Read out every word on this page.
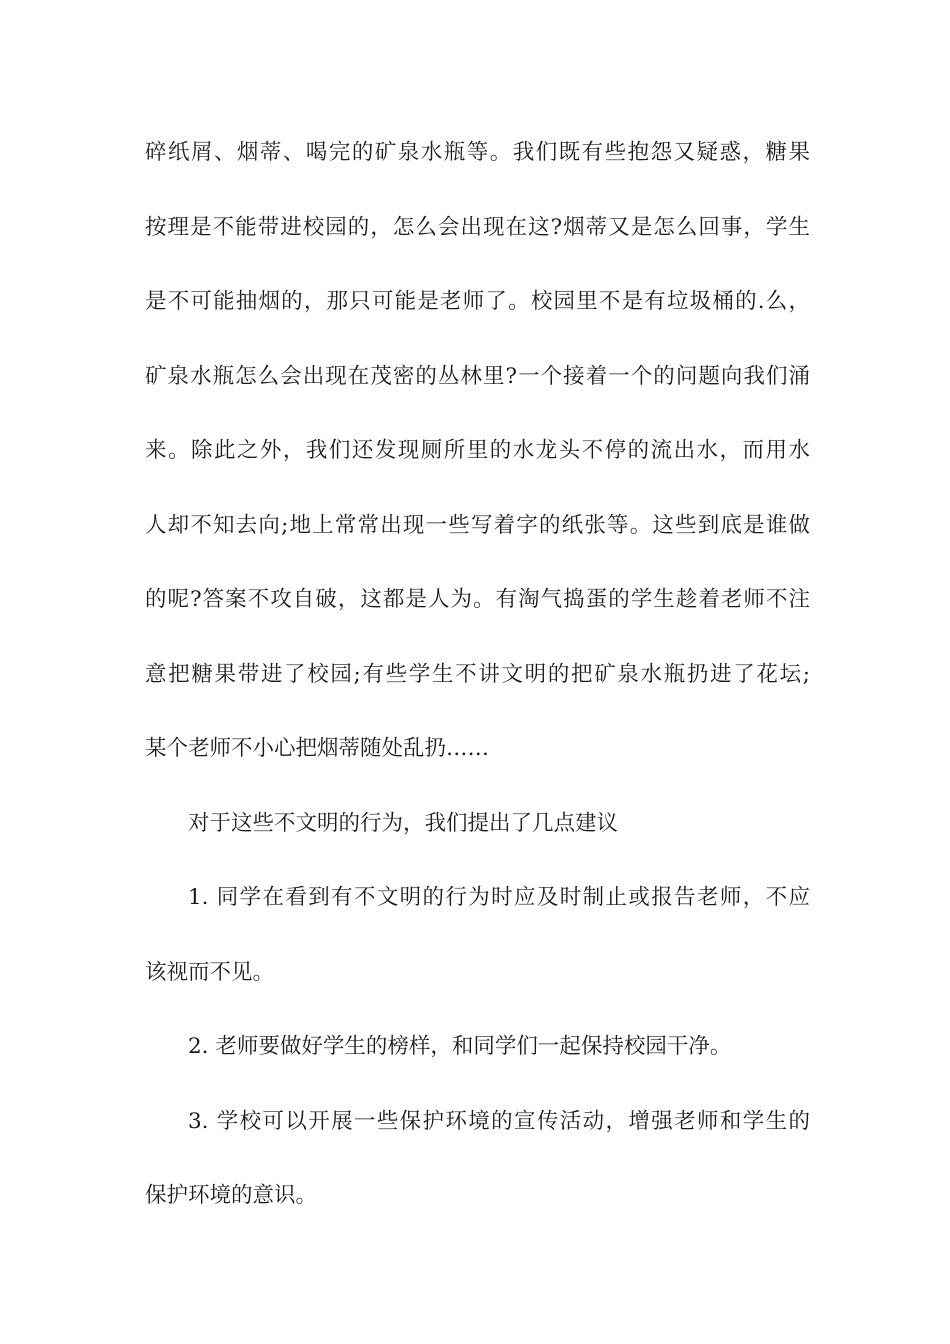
碎纸屑、烟蒂、喝完的矿泉水瓶等。我们既有些抱怨又疑惑，糖果
按理是不能带进校园的，怎么会出现在这?烟蒂又是怎么回事，学生
是不可能抽烟的，那只可能是老师了。校园里不是有垃圾桶的.么，
矿泉水瓶怎么会出现在茂密的丛林里?一个接着一个的问题向我们涌
来。除此之外，我们还发现厕所里的水龙头不停的流出水，而用水
人却不知去向;地上常常出现一些写着字的纸张等。这些到底是谁做
的呢?答案不攻自破，这都是人为。有淘气捣蛋的学生趁着老师不注
意把糖果带进了校园;有些学生不讲文明的把矿泉水瓶扔进了花坛;
某个老师不小心把烟蒂随处乱扔……
对于这些不文明的行为，我们提出了几点建议
1. 同学在看到有不文明的行为时应及时制止或报告老师，不应
该视而不见。
2. 老师要做好学生的榜样，和同学们一起保持校园干净。
3. 学校可以开展一些保护环境的宣传活动，增强老师和学生的
保护环境的意识。
